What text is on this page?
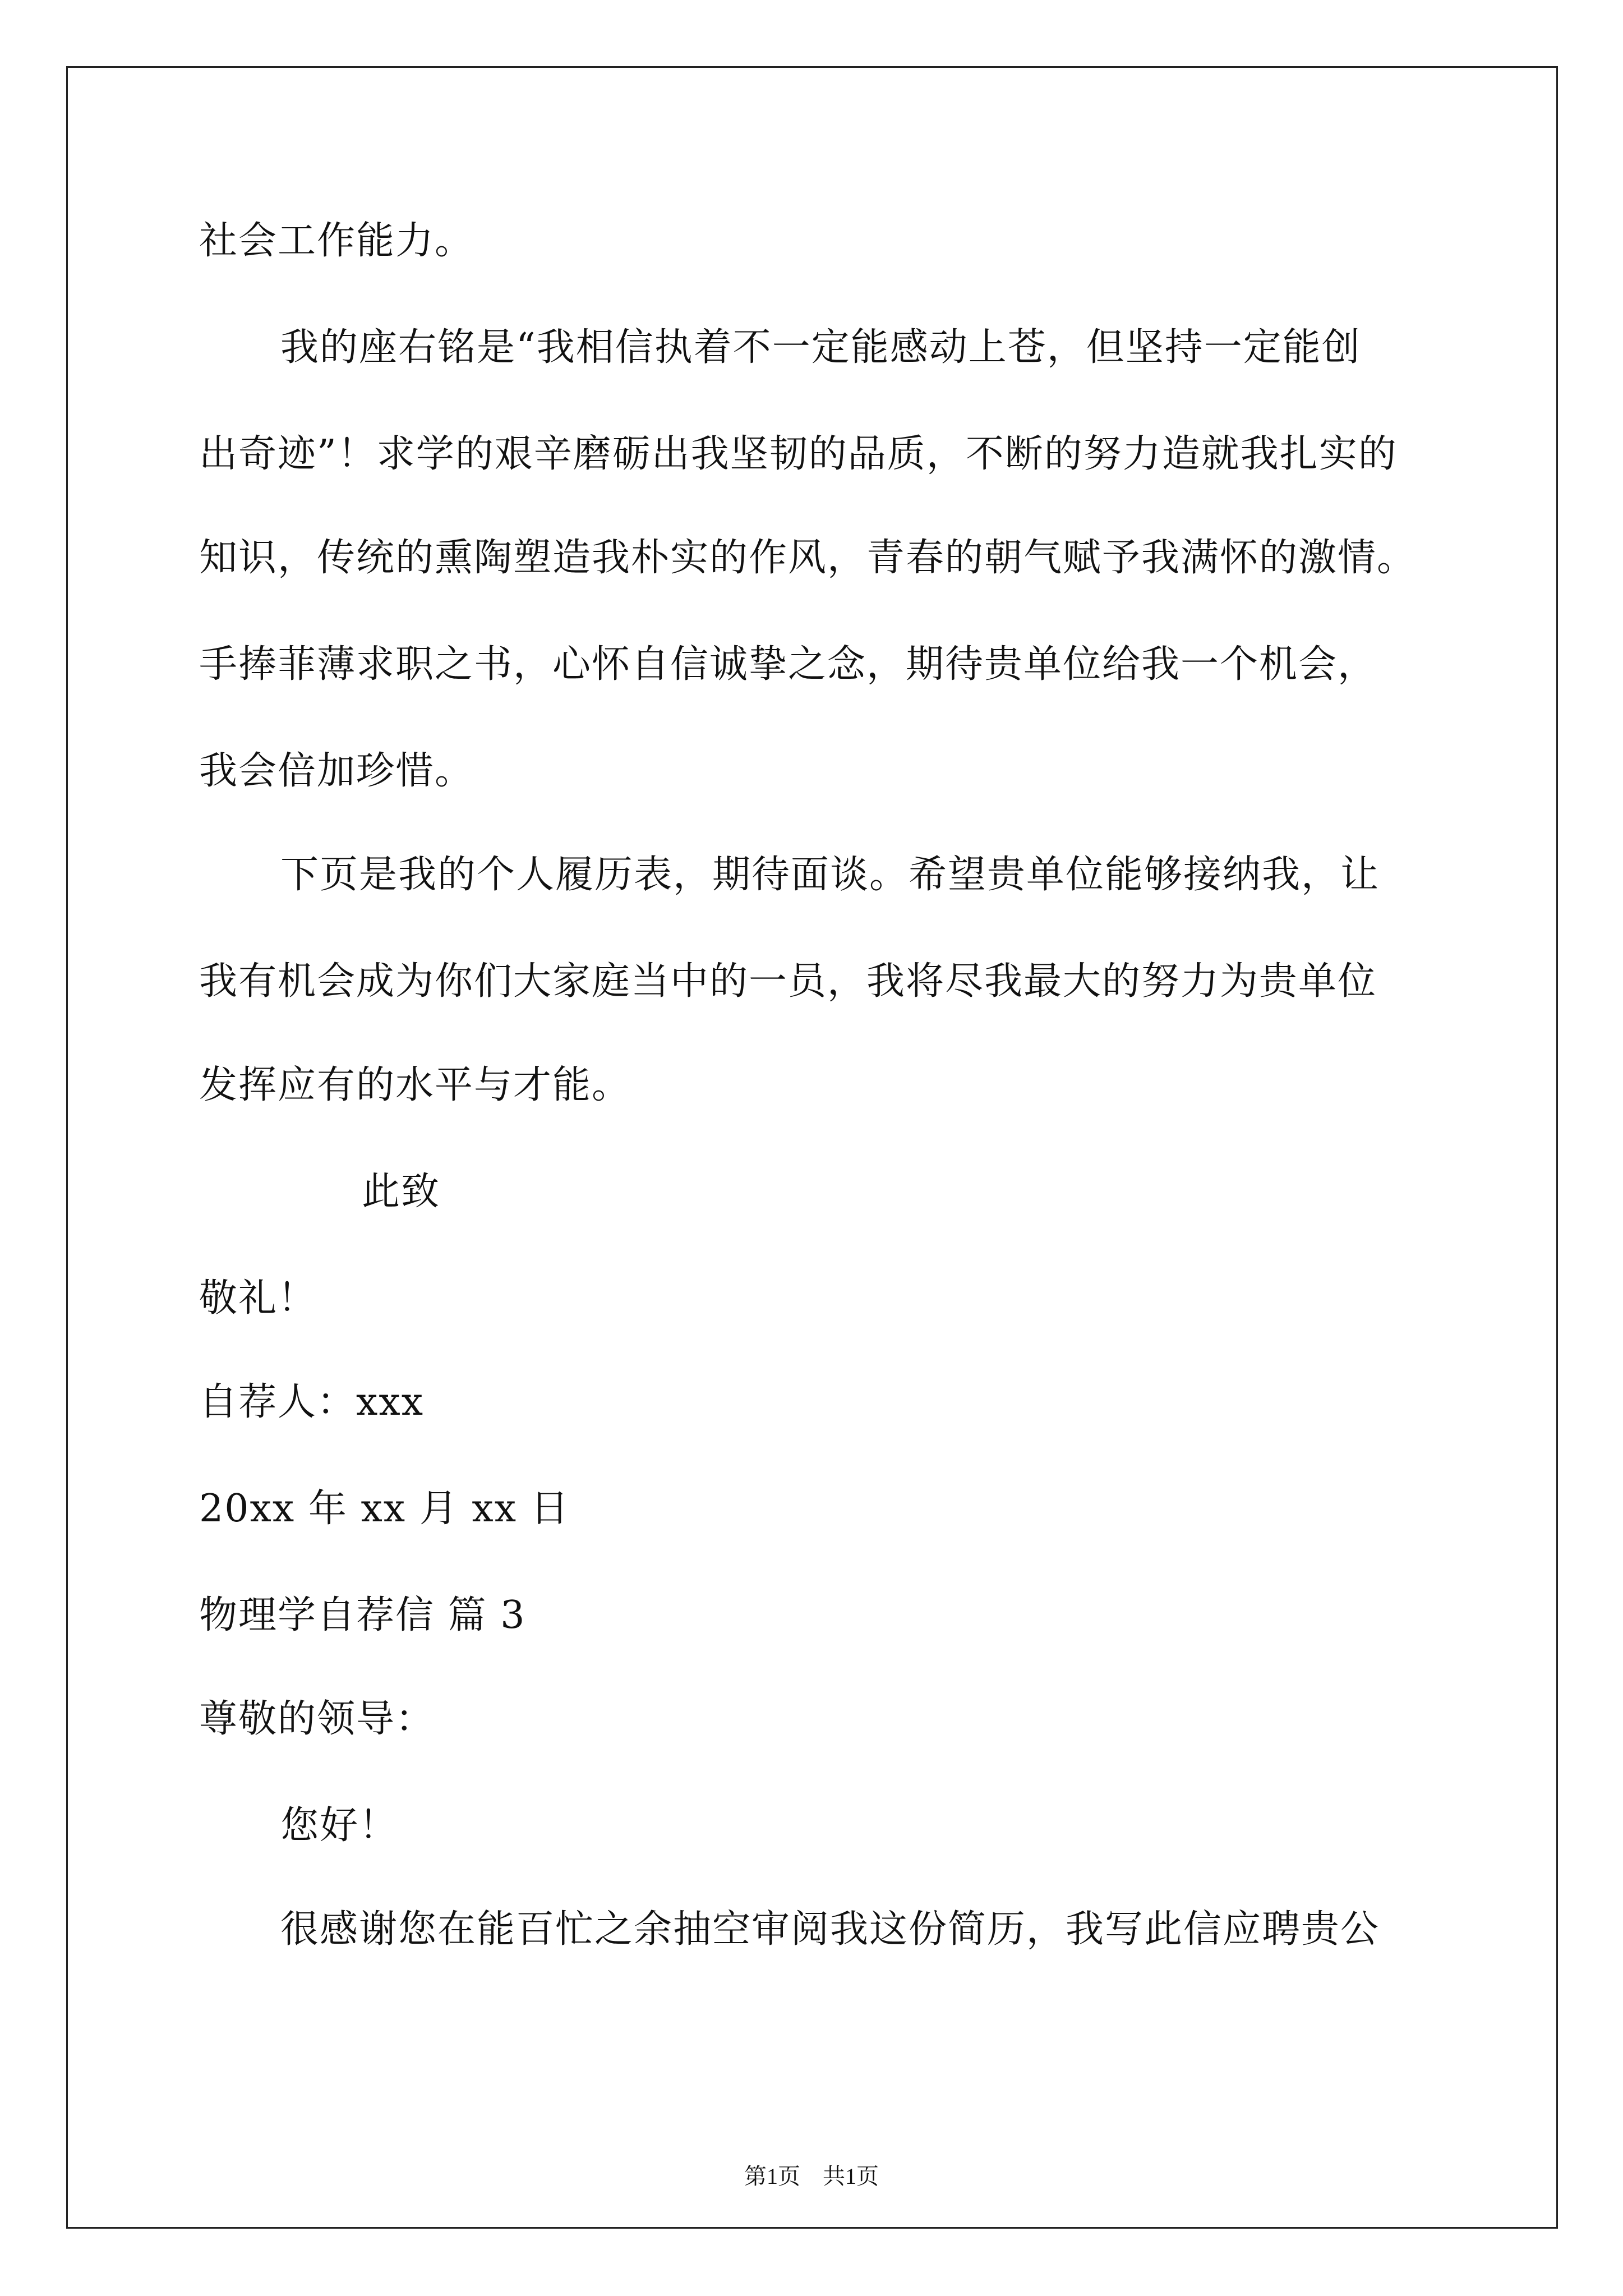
社会工作能力。
我的座右铭是“我相信执着不一定能感动上苍，但坚持一定能创
出奇迹”！求学的艰辛磨砺出我坚韧的品质，不断的努力造就我扎实的
知识，传统的熏陶塑造我朴实的作风，青春的朝气赋予我满怀的激情。
手捧菲薄求职之书，心怀自信诚挚之念，期待贵单位给我一个机会，
我会倍加珍惜。
下页是我的个人履历表，期待面谈。希望贵单位能够接纳我，让
我有机会成为你们大家庭当中的一员，我将尽我最大的努力为贵单位
发挥应有的水平与才能。
此致
敬礼！
自荐人：xxx
20xx 年 xx 月 xx 日
物理学自荐信 篇 3
尊敬的领导：
您好！
很感谢您在能百忙之余抽空审阅我这份简历，我写此信应聘贵公
第1页　共1页
